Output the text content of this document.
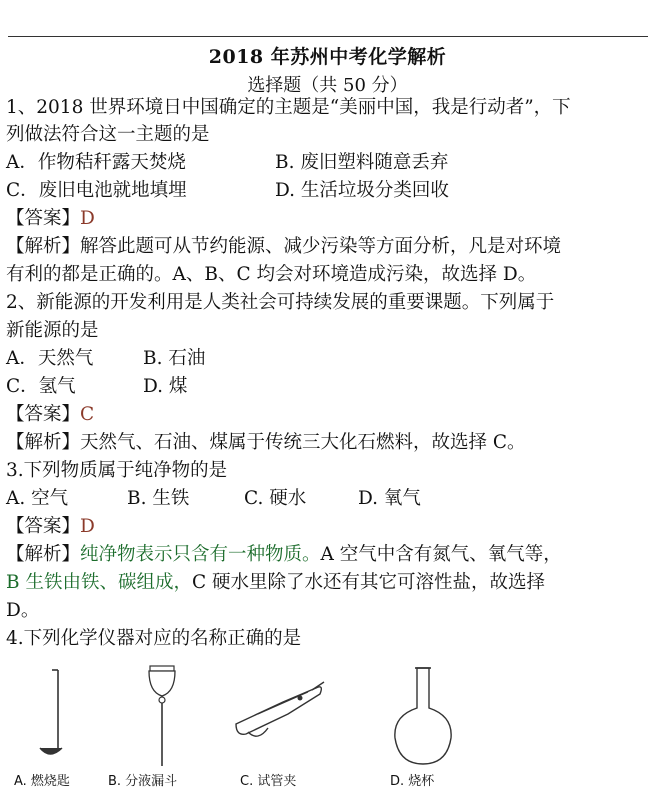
2018 年苏州中考化学解析
选择题（共 50 分）
1、2018 世界环境日中国确定的主题是“美丽中国，我是行动者”，下
列做法符合这一主题的是
A．作物秸秆露天焚烧	B. 废旧塑料随意丢弃
C．废旧电池就地填埋	D. 生活垃圾分类回收
【答案】D
【解析】解答此题可从节约能源、减少污染等方面分析，凡是对环境
有利的都是正确的。A、B、C 均会对环境造成污染，故选择 D。
2、新能源的开发利用是人类社会可持续发展的重要课题。下列属于
新能源的是
A．天然气	B. 石油
C．氢气	D. 煤
【答案】C
【解析】天然气、石油、煤属于传统三大化石燃料，故选择 C。
3.下列物质属于纯净物的是
A. 空气	B. 生铁	C. 硬水	D. 氧气
【答案】D
【解析】纯净物表示只含有一种物质。A 空气中含有氮气、氧气等，
B 生铁由铁、碳组成，C 硬水里除了水还有其它可溶性盐，故选择
D。
4.下列化学仪器对应的名称正确的是
A. 燃烧匙	B. 分液漏斗	C. 试管夹	D. 烧杯
